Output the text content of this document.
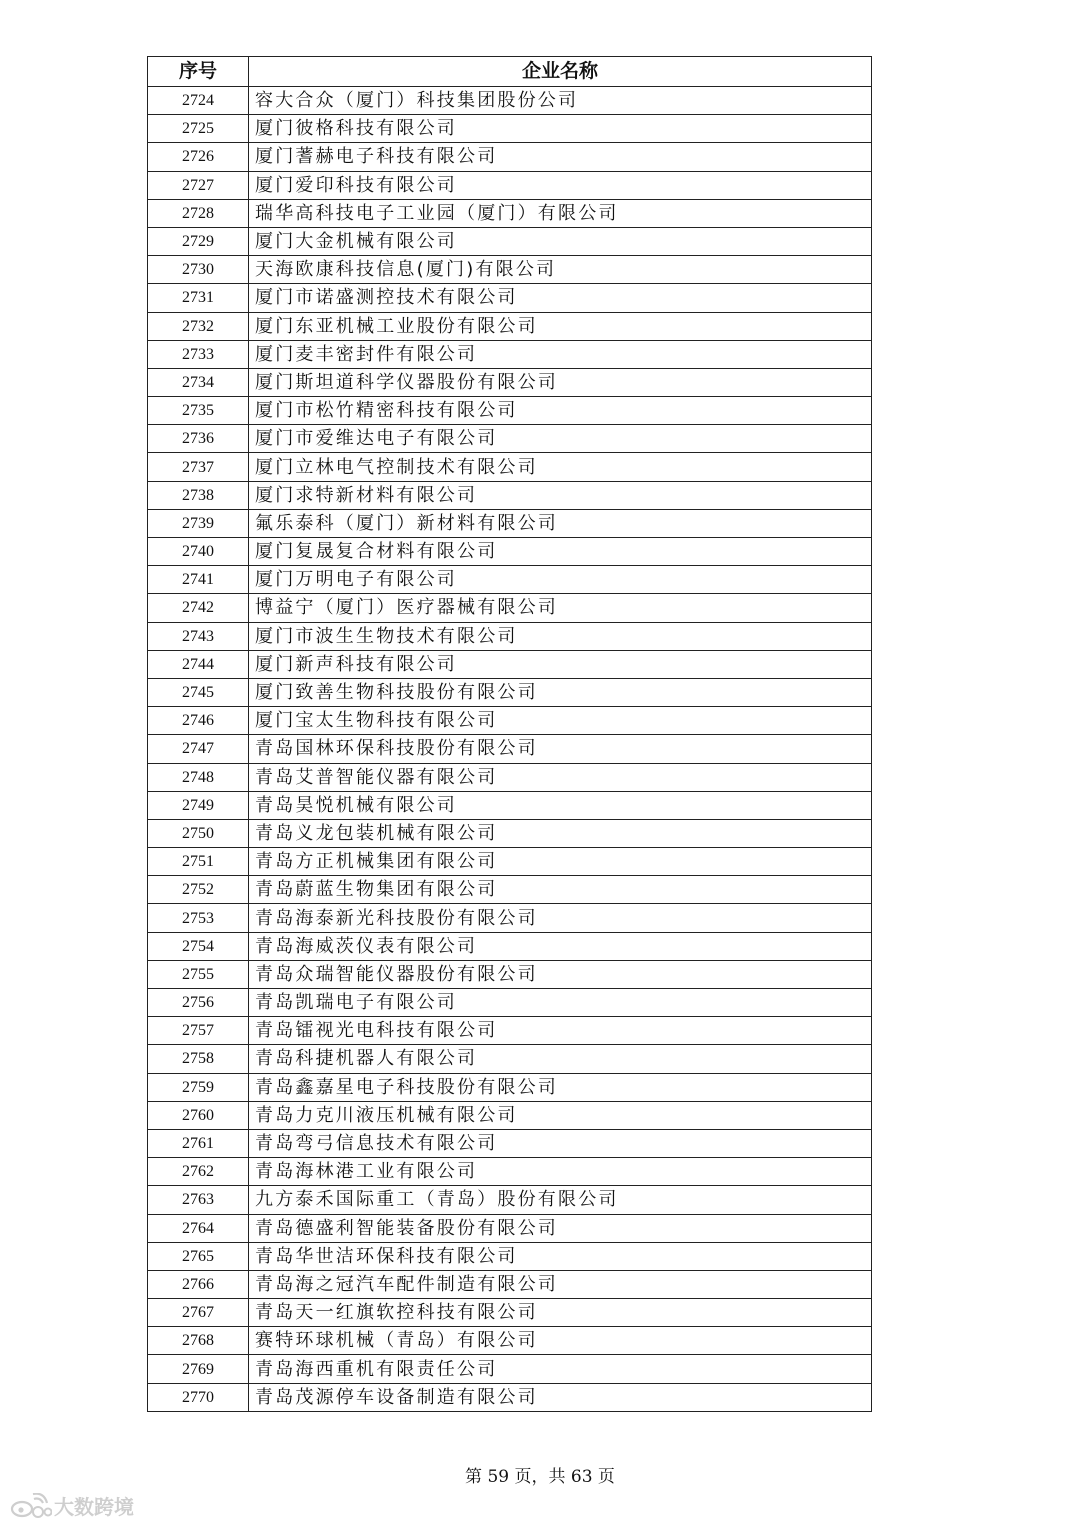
序号	企业名称
2724	容大合众（厦门）科技集团股份公司
2725	厦门彼格科技有限公司
2726	厦门蓍赫电子科技有限公司
2727	厦门爱印科技有限公司
2728	瑞华高科技电子工业园（厦门）有限公司
2729	厦门大金机械有限公司
2730	天海欧康科技信息(厦门)有限公司
2731	厦门市诺盛测控技术有限公司
2732	厦门东亚机械工业股份有限公司
2733	厦门麦丰密封件有限公司
2734	厦门斯坦道科学仪器股份有限公司
2735	厦门市松竹精密科技有限公司
2736	厦门市爱维达电子有限公司
2737	厦门立林电气控制技术有限公司
2738	厦门求特新材料有限公司
2739	氟乐泰科（厦门）新材料有限公司
2740	厦门复晟复合材料有限公司
2741	厦门万明电子有限公司
2742	博益宁（厦门）医疗器械有限公司
2743	厦门市波生生物技术有限公司
2744	厦门新声科技有限公司
2745	厦门致善生物科技股份有限公司
2746	厦门宝太生物科技有限公司
2747	青岛国林环保科技股份有限公司
2748	青岛艾普智能仪器有限公司
2749	青岛昊悦机械有限公司
2750	青岛义龙包装机械有限公司
2751	青岛方正机械集团有限公司
2752	青岛蔚蓝生物集团有限公司
2753	青岛海泰新光科技股份有限公司
2754	青岛海威茨仪表有限公司
2755	青岛众瑞智能仪器股份有限公司
2756	青岛凯瑞电子有限公司
2757	青岛镭视光电科技有限公司
2758	青岛科捷机器人有限公司
2759	青岛鑫嘉星电子科技股份有限公司
2760	青岛力克川液压机械有限公司
2761	青岛弯弓信息技术有限公司
2762	青岛海林港工业有限公司
2763	九方泰禾国际重工（青岛）股份有限公司
2764	青岛德盛利智能装备股份有限公司
2765	青岛华世洁环保科技有限公司
2766	青岛海之冠汽车配件制造有限公司
2767	青岛天一红旗软控科技有限公司
2768	赛特环球机械（青岛）有限公司
2769	青岛海西重机有限责任公司
2770	青岛茂源停车设备制造有限公司
第 59 页，共 63 页
大数跨境
